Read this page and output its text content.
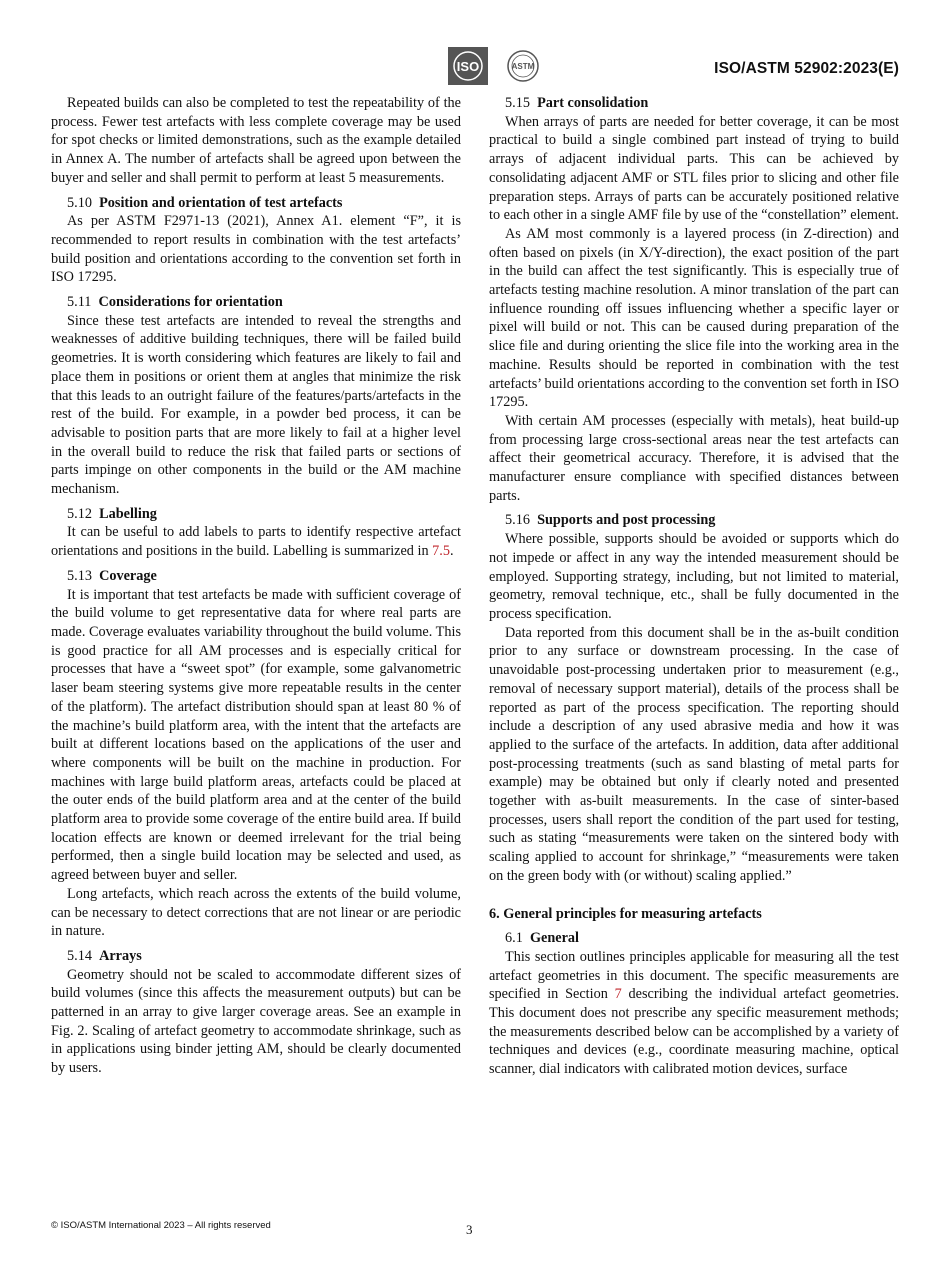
ISO	ASTM	ISO/ASTM 52902:2023(E)

Repeated builds can also be completed to test the repeatability of the process. Fewer test artefacts with less complete coverage may be used for spot checks or limited demonstrations, such as the example detailed in Annex A. The number of artefacts shall be agreed upon between the buyer and seller and shall permit to perform at least 5 measurements.

5.10 Position and orientation of test artefacts

As per ASTM F2971-13 (2021), Annex A1. element “F”, it is recommended to report results in combination with the test artefacts’ build position and orientations according to the convention set forth in ISO 17295.

5.11 Considerations for orientation

Since these test artefacts are intended to reveal the strengths and weaknesses of additive building techniques, there will be failed build geometries. It is worth considering which features are likely to fail and place them in positions or orient them at angles that minimize the risk that this leads to an outright failure of the features/parts/artefacts in the rest of the build. For example, in a powder bed process, it can be advisable to position parts that are more likely to fail at a higher level in the overall build to reduce the risk that failed parts or sections of parts impinge on other components in the build or the AM machine mechanism.

5.12 Labelling

It can be useful to add labels to parts to identify respective artefact orientations and positions in the build. Labelling is summarized in 7.5.

5.13 Coverage

It is important that test artefacts be made with sufficient coverage of the build volume to get representative data for where real parts are made. Coverage evaluates variability throughout the build volume. This is good practice for all AM processes and is especially critical for processes that have a “sweet spot” (for example, some galvanometric laser beam steering systems give more repeatable results in the center of the platform). The artefact distribution should span at least 80 % of the machine’s build platform area, with the intent that the artefacts are built at different locations based on the applications of the user and where components will be built on the machine in production. For machines with large build platform areas, artefacts could be placed at the outer ends of the build platform area and at the center of the build platform area to provide some coverage of the entire build area. If build location effects are known or deemed irrelevant for the trial being performed, then a single build location may be selected and used, as agreed between buyer and seller.

Long artefacts, which reach across the extents of the build volume, can be necessary to detect corrections that are not linear or are periodic in nature.

5.14 Arrays

Geometry should not be scaled to accommodate different sizes of build volumes (since this affects the measurement outputs) but can be patterned in an array to give larger coverage areas. See an example in Fig. 2. Scaling of artefact geometry to accommodate shrinkage, such as in applications using binder jetting AM, should be clearly documented by users.

5.15 Part consolidation

When arrays of parts are needed for better coverage, it can be most practical to build a single combined part instead of trying to build arrays of adjacent individual parts. This can be achieved by consolidating adjacent AMF or STL files prior to slicing and other file preparation steps. Arrays of parts can be accurately positioned relative to each other in a single AMF file by use of the “constellation” element.

As AM most commonly is a layered process (in Z-direction) and often based on pixels (in X/Y-direction), the exact position of the part in the build can affect the test significantly. This is especially true of artefacts testing machine resolution. A minor translation of the part can influence rounding off issues influencing whether a specific layer or pixel will build or not. This can be caused during preparation of the slice file and during orienting the slice file into the working area in the machine. Results should be reported in combination with the test artefacts’ build orientations according to the convention set forth in ISO 17295.

With certain AM processes (especially with metals), heat build-up from processing large cross-sectional areas near the test artefacts can affect their geometrical accuracy. Therefore, it is advised that the manufacturer ensure compliance with specified distances between parts.

5.16 Supports and post processing

Where possible, supports should be avoided or supports which do not impede or affect in any way the intended measurement should be employed. Supporting strategy, including, but not limited to material, geometry, removal technique, etc., shall be fully documented in the process specification.

Data reported from this document shall be in the as-built condition prior to any surface or downstream processing. In the case of unavoidable post-processing undertaken prior to measurement (e.g., removal of necessary support material), details of the process shall be reported as part of the process specification. The reporting should include a description of any used abrasive media and how it was applied to the surface of the artefacts. In addition, data after additional post-processing treatments (such as sand blasting of metal parts for example) may be obtained but only if clearly noted and presented together with as-built measurements. In the case of sinter-based processes, users shall report the condition of the part used for testing, such as stating “measurements were taken on the sintered body with scaling applied to account for shrinkage,” “measurements were taken on the green body with (or without) scaling applied.”

6. General principles for measuring artefacts
6.1 General

This section outlines principles applicable for measuring all the test artefact geometries in this document. The specific measurements are specified in Section 7 describing the individual artefact geometries. This document does not prescribe any specific measurement methods; the measurements described below can be accomplished by a variety of techniques and devices (e.g., coordinate measuring machine, optical scanner, dial indicators with calibrated motion devices, surface

© ISO/ASTM International 2023 – All rights reserved	3
